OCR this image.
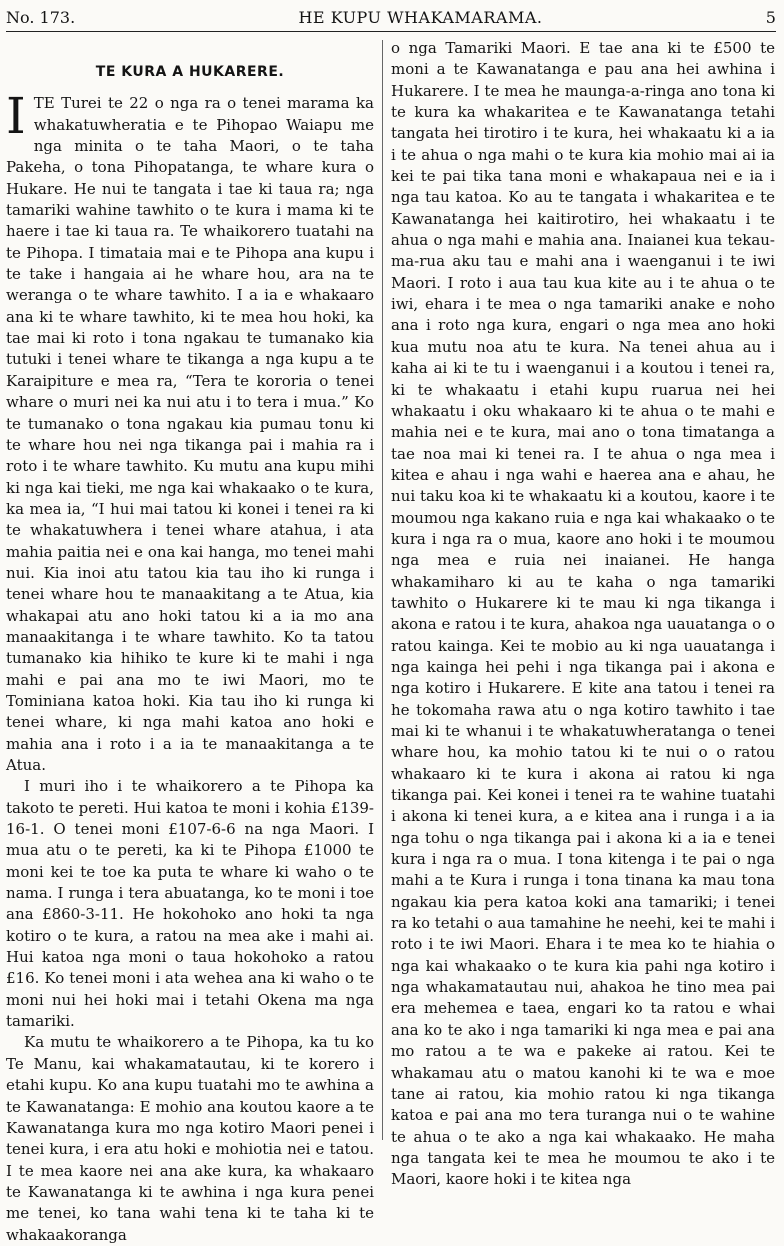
No. 173.	HE KUPU WHAKAMARAMA.	5
TE KURA A HUKARERE.

ITE Turei te 22 o nga ra o tenei marama ka whakatuwheratia e te Pihopao Waiapu me nga minita o te taha Maori, o te taha Pakeha, o tona Pihopatanga, te whare kura o Hukare. He nui te tangata i tae ki taua ra; nga tamariki wahine tawhito o te kura i mama ki te haere i tae ki taua ra. Te whaikorero tuatahi na te Pihopa. I timataia mai e te Pihopa ana kupu i te take i hangaia ai he whare hou, ara na te weranga o te whare tawhito. I a ia e whakaaro ana ki te whare tawhito, ki te mea hou hoki, ka tae mai ki roto i tona ngakau te tumanako kia tutuki i tenei whare te tikanga a nga kupu a te Karaipiture e mea ra, “Tera te kororia o tenei whare o muri nei ka nui atu i to tera i mua.” Ko te tumanako o tona ngakau kia pumau tonu ki te whare hou nei nga tikanga pai i mahia ra i roto i te whare tawhito. Ku mutu ana kupu mihi ki nga kai tieki, me nga kai whakaako o te kura, ka mea ia, “I hui mai tatou ki konei i tenei ra ki te whakatuwhera i tenei whare atahua, i ata mahia paitia nei e ona kai hanga, mo tenei mahi nui. Kia inoi atu tatou kia tau iho ki runga i tenei whare hou te manaakitang a te Atua, kia whakapai atu ano hoki tatou ki a ia mo ana manaakitanga i te whare tawhito. Ko ta tatou tumanako kia hihiko te kure ki te mahi i nga mahi e pai ana mo te iwi Maori, mo te Tominiana katoa hoki. Kia tau iho ki runga ki tenei whare, ki nga mahi katoa ano hoki e mahia ana i roto i a ia te manaakitanga a te Atua.

I muri iho i te whaikorero a te Pihopa ka takoto te pereti. Hui katoa te moni i kohia £139-16-1. O tenei moni £107-6-6 na nga Maori. I mua atu o te pereti, ka ki te Pihopa £1000 te moni kei te toe ka puta te whare ki waho o te nama. I runga i tera abuatanga, ko te moni i toe ana £860-3-11. He hokohoko ano hoki ta nga kotiro o te kura, a ratou na mea ake i mahi ai. Hui katoa nga moni o taua hokohoko a ratou £16. Ko tenei moni i ata wehea ana ki waho o te moni nui hei hoki mai i tetahi Okena ma nga tamariki.

Ka mutu te whaikorero a te Pihopa, ka tu ko Te Manu, kai whakamatautau, ki te korero i etahi kupu. Ko ana kupu tuatahi mo te awhina a te Kawanatanga: E mohio ana koutou kaore a te Kawanatanga kura mo nga kotiro Maori penei i tenei kura, i era atu hoki e mohiotia nei e tatou. I te mea kaore nei ana ake kura, ka whakaaro te Kawanatanga ki te awhina i nga kura penei me tenei, ko tana wahi tena ki te taha ki te whakaakoranga

o nga Tamariki Maori. E tae ana ki te £500 te moni a te Kawanatanga e pau ana hei awhina i Hukarere. I te mea he maunga-a-ringa ano tona ki te kura ka whakaritea e te Kawanatanga tetahi tangata hei tirotiro i te kura, hei whakaatu ki a ia i te ahua o nga mahi o te kura kia mohio mai ai ia kei te pai tika tana moni e whakapaua nei e ia i nga tau katoa. Ko au te tangata i whakaritea e te Kawanatanga hei kaitirotiro, hei whakaatu i te ahua o nga mahi e mahia ana. Inaianei kua tekau-ma-rua aku tau e mahi ana i waenganui i te iwi Maori. I roto i aua tau kua kite au i te ahua o te iwi, ehara i te mea o nga tamariki anake e noho ana i roto nga kura, engari o nga mea ano hoki kua mutu noa atu te kura. Na tenei ahua au i kaha ai ki te tu i waenganui i a koutou i tenei ra, ki te whakaatu i etahi kupu ruarua nei hei whakaatu i oku whakaaro ki te ahua o te mahi e mahia nei e te kura, mai ano o tona timatanga a tae noa mai ki tenei ra. I te ahua o nga mea i kitea e ahau i nga wahi e haerea ana e ahau, he nui taku koa ki te whakaatu ki a koutou, kaore i te moumou nga kakano ruia e nga kai whakaako o te kura i nga ra o mua, kaore ano hoki i te moumou nga mea e ruia nei inaianei. He hanga whakamiharo ki au te kaha o nga tamariki tawhito o Hukarere ki te mau ki nga tikanga i akona e ratou i te kura, ahakoa nga uauatanga o o ratou kainga. Kei te mobio au ki nga uauatanga i nga kainga hei pehi i nga tikanga pai i akona e nga kotiro i Hukarere. E kite ana tatou i tenei ra he tokomaha rawa atu o nga kotiro tawhito i tae mai ki te whanui i te whakatuwheratanga o tenei whare hou, ka mohio tatou ki te nui o o ratou whakaaro ki te kura i akona ai ratou ki nga tikanga pai. Kei konei i tenei ra te wahine tuatahi i akona ki tenei kura, a e kitea ana i runga i a ia nga tohu o nga tikanga pai i akona ki a ia e tenei kura i nga ra o mua. I tona kitenga i te pai o nga mahi a te Kura i runga i tona tinana ka mau tona ngakau kia pera katoa koki ana tamariki; i tenei ra ko tetahi o aua tamahine he neehi, kei te mahi i roto i te iwi Maori. Ehara i te mea ko te hiahia o nga kai whakaako o te kura kia pahi nga kotiro i nga whakamatautau nui, ahakoa he tino mea pai era mehemea e taea, engari ko ta ratou e whai ana ko te ako i nga tamariki ki nga mea e pai ana mo ratou a te wa e pakeke ai ratou. Kei te whakamau atu o matou kanohi ki te wa e moe tane ai ratou, kia mohio ratou ki nga tikanga katoa e pai ana mo tera turanga nui o te wahine te ahua o te ako a nga kai whakaako. He maha nga tangata kei te mea he moumou te ako i te Maori, kaore hoki i te kitea nga
